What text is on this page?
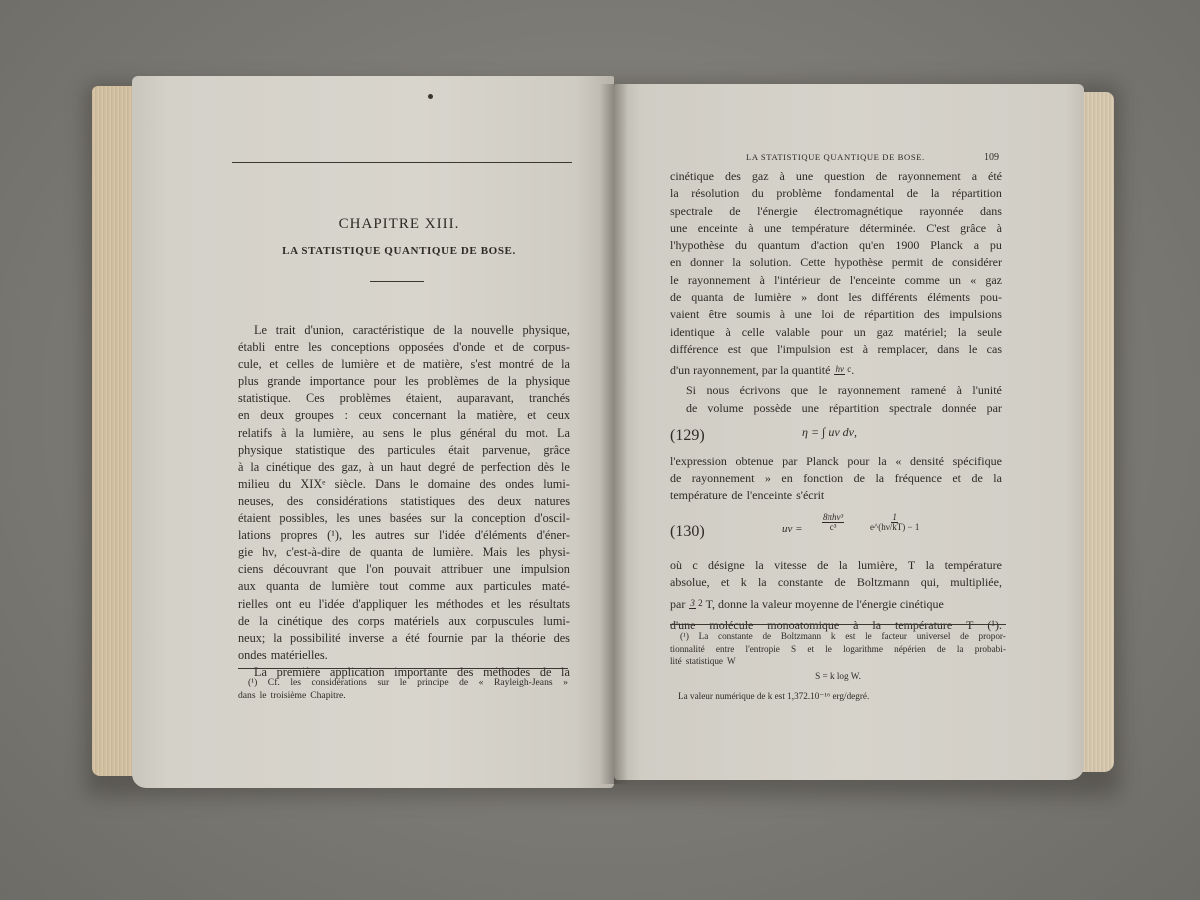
CHAPITRE XIII.
LA STATISTIQUE QUANTIQUE DE BOSE.
Le trait d'union, caractéristique de la nouvelle physique,
établi entre les conceptions opposées d'onde et de corpus-
cule, et celles de lumière et de matière, s'est montré de la
plus grande importance pour les problèmes de la physique
statistique. Ces problèmes étaient, auparavant, tranchés
en deux groupes : ceux concernant la matière, et ceux
relatifs à la lumière, au sens le plus général du mot. La
physique statistique des particules était parvenue, grâce
à la cinétique des gaz, à un haut degré de perfection dès le
milieu du XIXᵉ siècle. Dans le domaine des ondes lumi-
neuses, des considérations statistiques des deux natures
étaient possibles, les unes basées sur la conception d'oscil-
lations propres (¹), les autres sur l'idée d'éléments d'éner-
gie hν, c'est-à-dire de quanta de lumière. Mais les physi-
ciens découvrant que l'on pouvait attribuer une impulsion
aux quanta de lumière tout comme aux particules maté-
rielles ont eu l'idée d'appliquer les méthodes et les résultats
de la cinétique des corps matériels aux corpuscules lumi-
neux; la possibilité inverse a été fournie par la théorie des
ondes matérielles.
La première application importante des méthodes de la
(¹) Cf. les considérations sur le principe de « Rayleigh-Jeans »
dans le troisième Chapitre.
LA STATISTIQUE QUANTIQUE DE BOSE.	109
cinétique des gaz à une question de rayonnement a été
la résolution du problème fondamental de la répartition
spectrale de l'énergie électromagnétique rayonnée dans
une enceinte à une température déterminée. C'est grâce à
l'hypothèse du quantum d'action qu'en 1900 Planck a pu
en donner la solution. Cette hypothèse permit de considérer
le rayonnement à l'intérieur de l'enceinte comme un « gaz
de quanta de lumière » dont les différents éléments pou-
vaient être soumis à une loi de répartition des impulsions
identique à celle valable pour un gaz matériel; la seule
différence est que l'impulsion est à remplacer, dans le cas
d'un rayonnement, par la quantité hν c .
Si nous écrivons que le rayonnement ramené à l'unité
de volume possède une répartition spectrale donnée par
(129)	η = ∫ uν dν,
l'expression obtenue par Planck pour la « densité spécifique
de rayonnement » en fonction de la fréquence et de la
température de l'enceinte s'écrit
(130)	uν =
8πhν³
c³	$\frac{1}{e\^{}(h\nu/kT) - 1}$
où c désigne la vitesse de la lumière, T la température
absolue, et k la constante de Boltzmann qui, multipliée,
par 3 2 T, donne la valeur moyenne de l'énergie cinétique
d'une molécule monoatomique à la température T (¹).
(¹) La constante de Boltzmann k est le facteur universel de propor-
tionnalité entre l'entropie S et le logarithme népérien de la probabi-
lité statistique W
S = k log W.
La valeur numérique de k est 1,372.10⁻¹⁶ erg/degré.
